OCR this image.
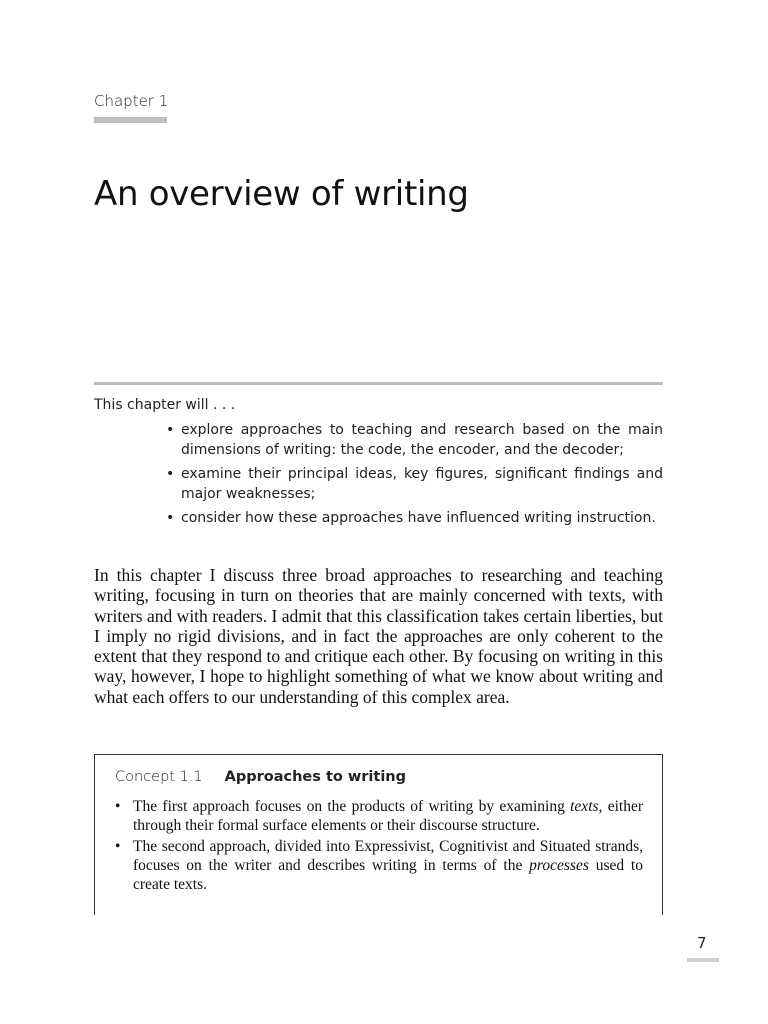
Chapter 1
An overview of writing
This chapter will . . .
• explore approaches to teaching and research based on the main dimensions of writing: the code, the encoder, and the decoder;
• examine their principal ideas, key figures, significant findings and major weaknesses;
• consider how these approaches have influenced writing instruction.

In this chapter I discuss three broad approaches to researching and teaching writing, focusing in turn on theories that are mainly concerned with texts, with writers and with readers. I admit that this classification takes certain liberties, but I imply no rigid divisions, and in fact the approaches are only coherent to the extent that they respond to and critique each other. By focusing on writing in this way, however, I hope to highlight something of what we know about writing and what each offers to our understanding of this complex area.

Concept 1.1 Approaches to writing
• The first approach focuses on the products of writing by examining texts, either through their formal surface elements or their discourse structure.
• The second approach, divided into Expressivist, Cognitivist and Situated strands, focuses on the writer and describes writing in terms of the processes used to create texts.
7
